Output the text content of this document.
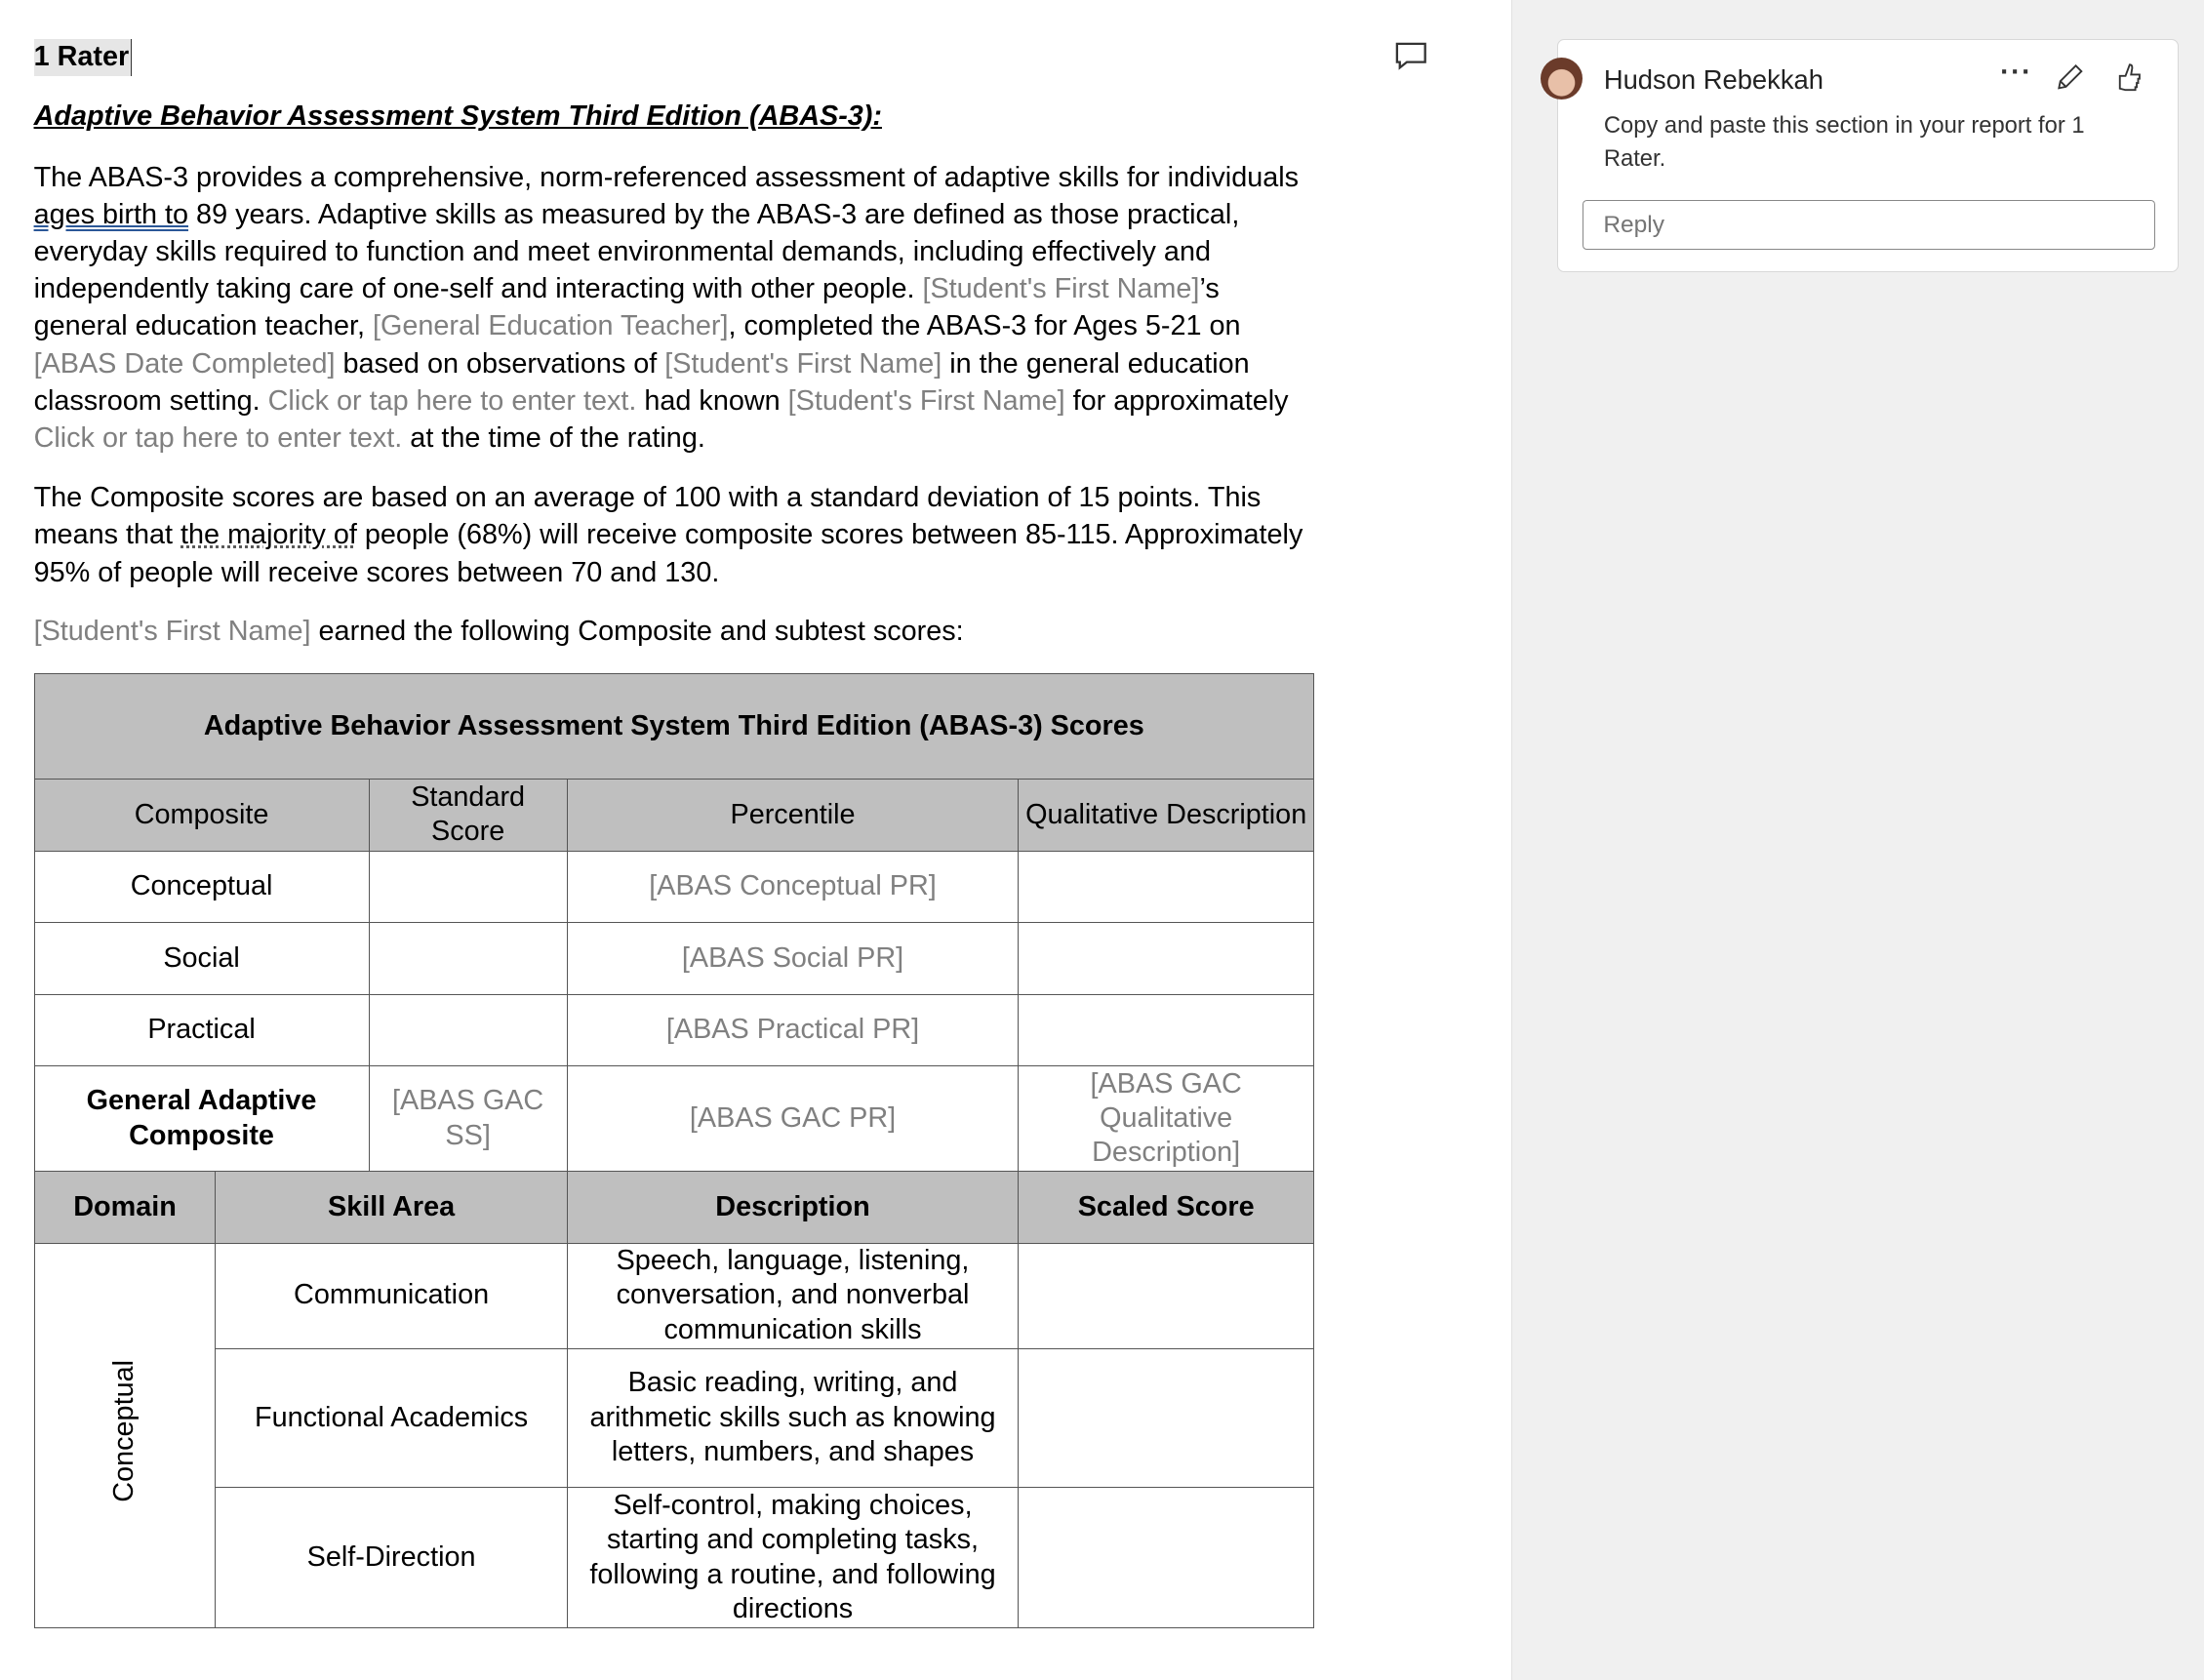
1 Rater
Adaptive Behavior Assessment System Third Edition (ABAS-3):
The ABAS-3 provides a comprehensive, norm-referenced assessment of adaptive skills for individuals ages birth to 89 years. Adaptive skills as measured by the ABAS-3 are defined as those practical, everyday skills required to function and meet environmental demands, including effectively and independently taking care of one-self and interacting with other people. [Student's First Name]’s general education teacher, [General Education Teacher], completed the ABAS-3 for Ages 5-21 on [ABAS Date Completed] based on observations of [Student's First Name] in the general education classroom setting. Click or tap here to enter text. had known [Student's First Name] for approximately Click or tap here to enter text. at the time of the rating.
The Composite scores are based on an average of 100 with a standard deviation of 15 points. This means that the majority of people (68%) will receive composite scores between 85-115. Approximately 95% of people will receive scores between 70 and 130.
[Student's First Name] earned the following Composite and subtest scores:
Adaptive Behavior Assessment System Third Edition (ABAS-3) Scores				
Composite		Standard Score	Percentile	Qualitative Description
Conceptual			[ABAS Conceptual PR]	
Social			[ABAS Social PR]	
Practical			[ABAS Practical PR]	
General Adaptive Composite		[ABAS GAC SS]	[ABAS GAC PR]	[ABAS GAC Qualitative Description]
Domain	Skill Area		Description	Scaled Score
Conceptual	Communication		Speech, language, listening, conversation, and nonverbal communication skills	
	Functional Academics		Basic reading, writing, and arithmetic skills such as knowing letters, numbers, and shapes	
	Self-Direction		Self-control, making choices, starting and completing tasks, following a routine, and following directions	
Hudson Rebekkah	···
Copy and paste this section in your report for 1 Rater.
Reply
